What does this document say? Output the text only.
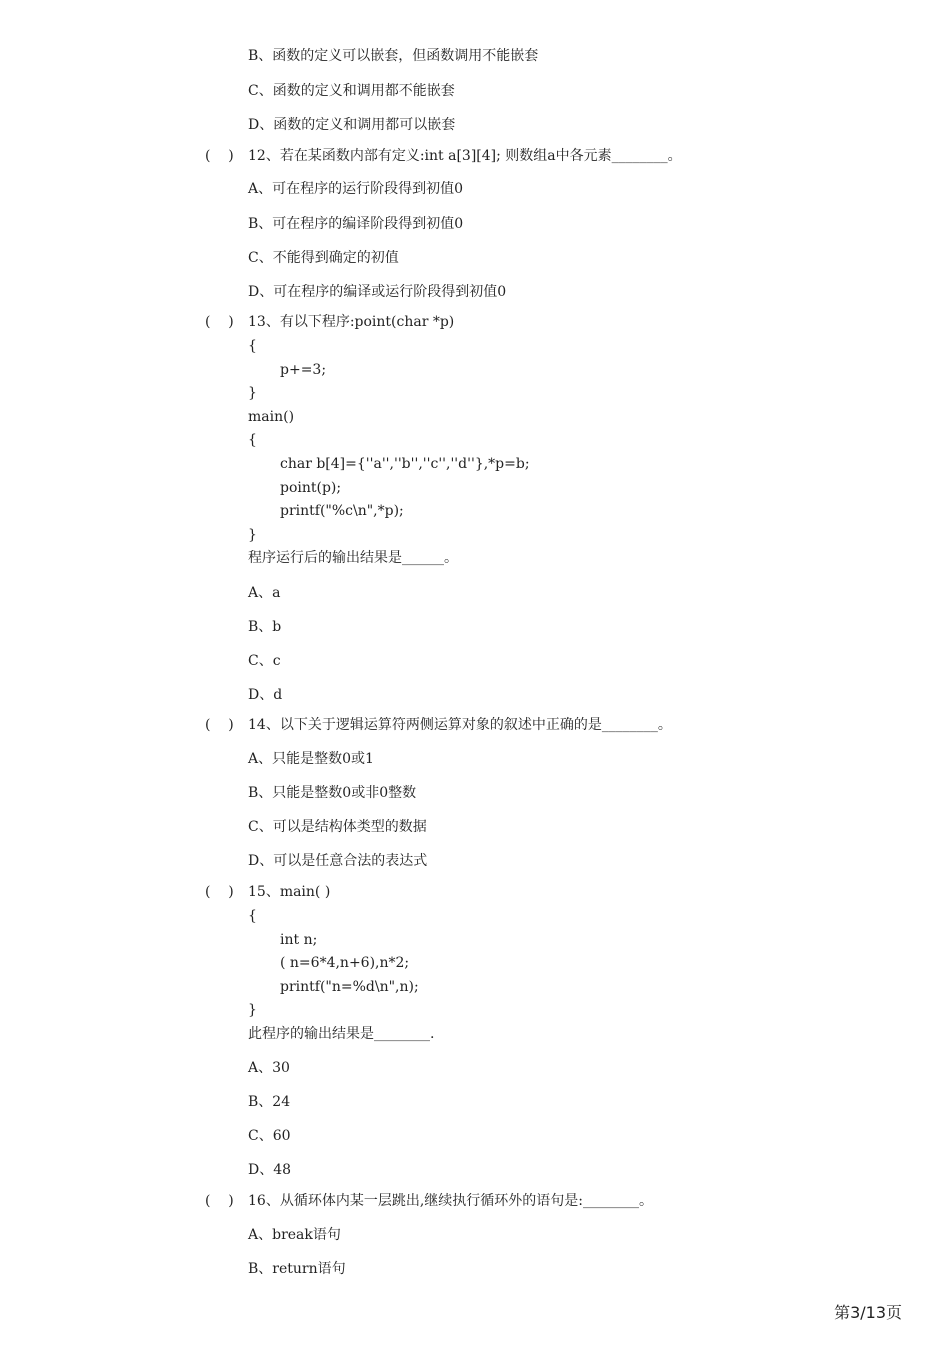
B、函数的定义可以嵌套，但函数调用不能嵌套
C、函数的定义和调用都不能嵌套
D、函数的定义和调用都可以嵌套
(    ) 12、若在某函数内部有定义:int a[3][4]; 则数组a中各元素________。
A、可在程序的运行阶段得到初值0
B、可在程序的编译阶段得到初值0
C、不能得到确定的初值
D、可在程序的编译或运行阶段得到初值0
(    ) 13、有以下程序:point(char *p)
{
p+=3;
}
main()
{
char b[4]={''a'',''b'',''c'',''d''},*p=b;
point(p);
printf("%c\n",*p);
}
程序运行后的输出结果是______。
A、a
B、b
C、c
D、d
(    ) 14、以下关于逻辑运算符两侧运算对象的叙述中正确的是________。
A、只能是整数0或1
B、只能是整数0或非0整数
C、可以是结构体类型的数据
D、可以是任意合法的表达式
(    ) 15、main( )
{
int n;
( n=6*4,n+6),n*2;
printf("n=%d\n",n);
}
此程序的输出结果是________.
A、30
B、24
C、60
D、48
(    ) 16、从循环体内某一层跳出,继续执行循环外的语句是:________。
A、break语句
B、return语句
第3/13页
